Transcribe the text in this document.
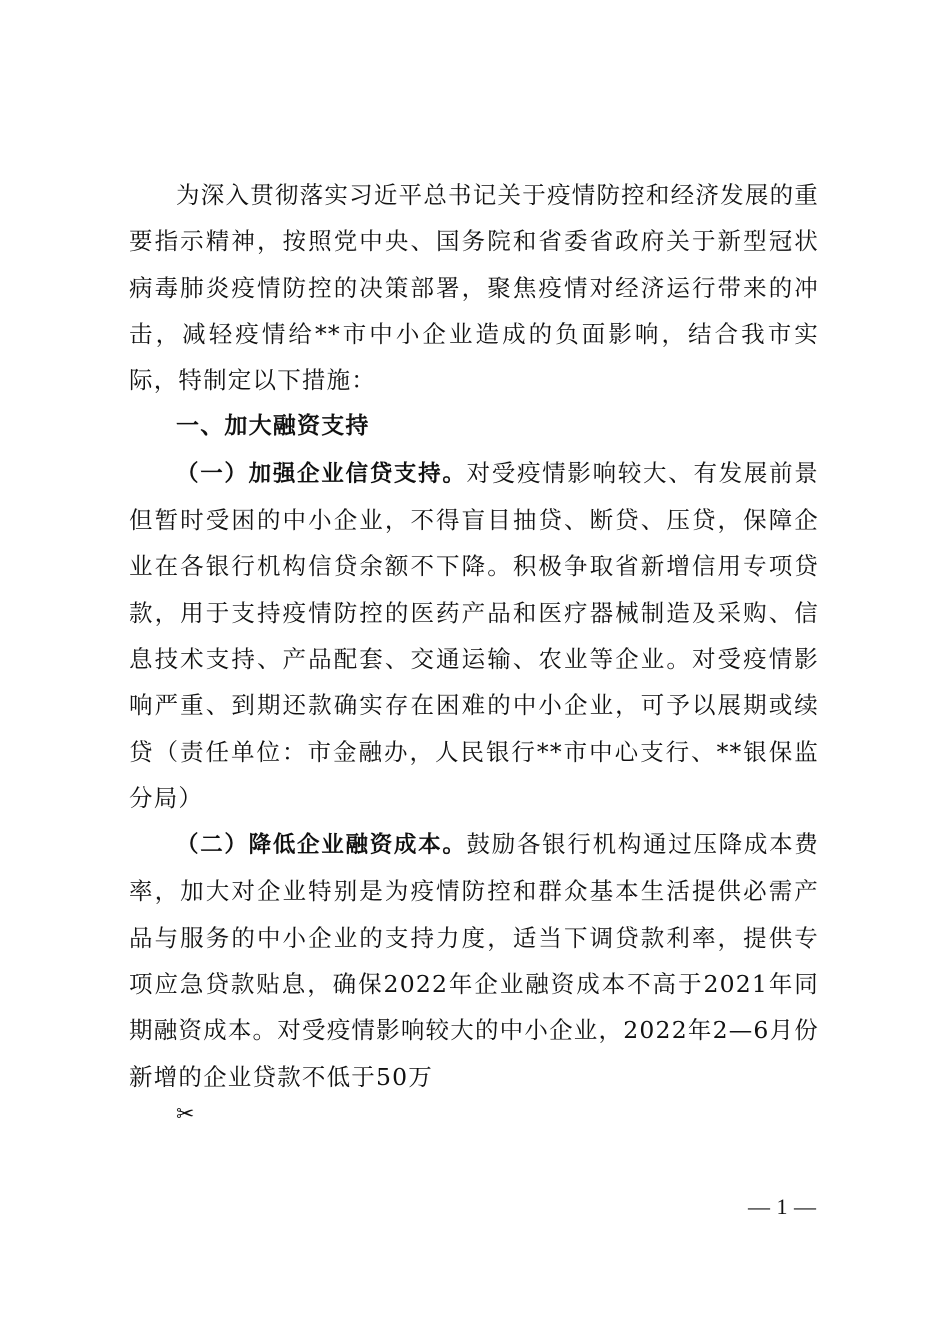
为深入贯彻落实习近平总书记关于疫情防控和经济发展的重要指示精神，按照党中央、国务院和省委省政府关于新型冠状病毒肺炎疫情防控的决策部署，聚焦疫情对经济运行带来的冲击，减轻疫情给**市中小企业造成的负面影响，结合我市实际，特制定以下措施：

一、加大融资支持

（一）加强企业信贷支持。对受疫情影响较大、有发展前景但暂时受困的中小企业，不得盲目抽贷、断贷、压贷，保障企业在各银行机构信贷余额不下降。积极争取省新增信用专项贷款，用于支持疫情防控的医药产品和医疗器械制造及采购、信息技术支持、产品配套、交通运输、农业等企业。对受疫情影响严重、到期还款确实存在困难的中小企业，可予以展期或续贷（责任单位：市金融办，人民银行**市中心支行、**银保监分局）

（二）降低企业融资成本。鼓励各银行机构通过压降成本费率，加大对企业特别是为疫情防控和群众基本生活提供必需产品与服务的中小企业的支持力度，适当下调贷款利率，提供专项应急贷款贴息，确保2022年企业融资成本不高于2021年同期融资成本。对受疫情影响较大的中小企业，2022年2—6月份新增的企业贷款不低于50万

✂
— 1 —
